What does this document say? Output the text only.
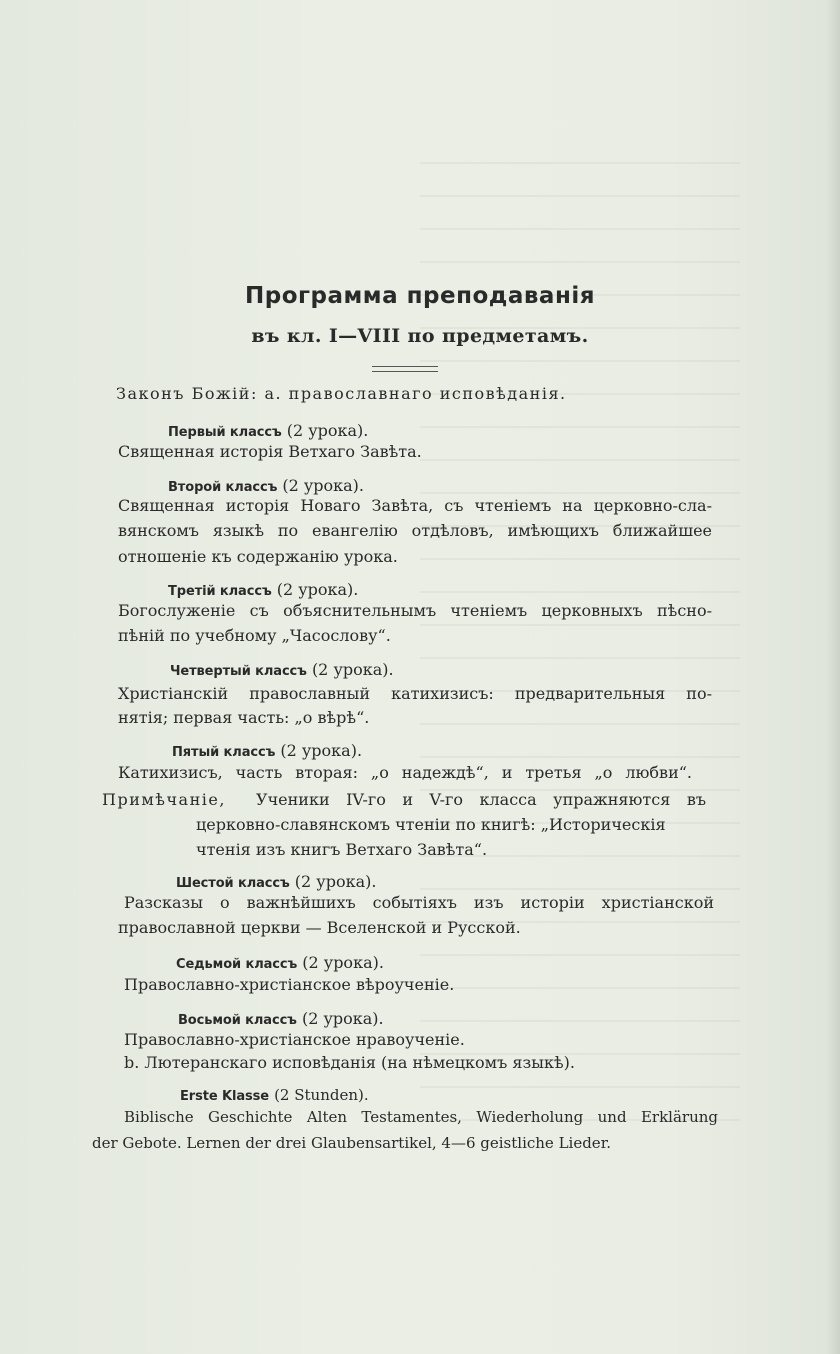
Программа преподаванія
въ кл. I—VIII по предметамъ.
Законъ Божій: a. православнаго исповѣданія.
Первый классъ (2 урока).
Священная исторія Ветхаго Завѣта.
Второй классъ (2 урока).
Священная исторія Новаго Завѣта, съ чтеніемъ на церковно-сла-
вянскомъ языкѣ по евангелію отдѣловъ, имѣющихъ ближайшее
отношеніе къ содержанію урока.
Третій классъ (2 урока).
Богослуженіе съ объяснительнымъ чтеніемъ церковныхъ пѣсно-
пѣній по учебному „Часослову“.
Четвертый классъ (2 урока).
Христіанскій православный катихизисъ: предварительныя по-
нятія; первая часть: „о вѣрѣ“.
Пятый классъ (2 урока).
Катихизисъ, часть вторая: „о надеждѣ“, и третья „о любви“.
Примѣчаніе, Ученики IV-го и V-го класса упражняются въ
церковно-славянскомъ чтеніи по книгѣ: „Историческія
чтенія изъ книгъ Ветхаго Завѣта“.
Шестой классъ (2 урока).
Разсказы о важнѣйшихъ событіяхъ изъ исторіи христіанской
православной церкви — Вселенской и Русской.
Седьмой классъ (2 урока).
Православно-христіанское вѣроученіе.
Восьмой классъ (2 урока).
Православно-христіанское нравоученіе.
b. Лютеранскаго исповѣданія (на нѣмецкомъ языкѣ).
Erste Klasse (2 Stunden).
Biblische Geschichte Alten Testamentes, Wiederholung und Erklärung
der Gebote. Lernen der drei Glaubensartikel, 4—6 geistliche Lieder.
